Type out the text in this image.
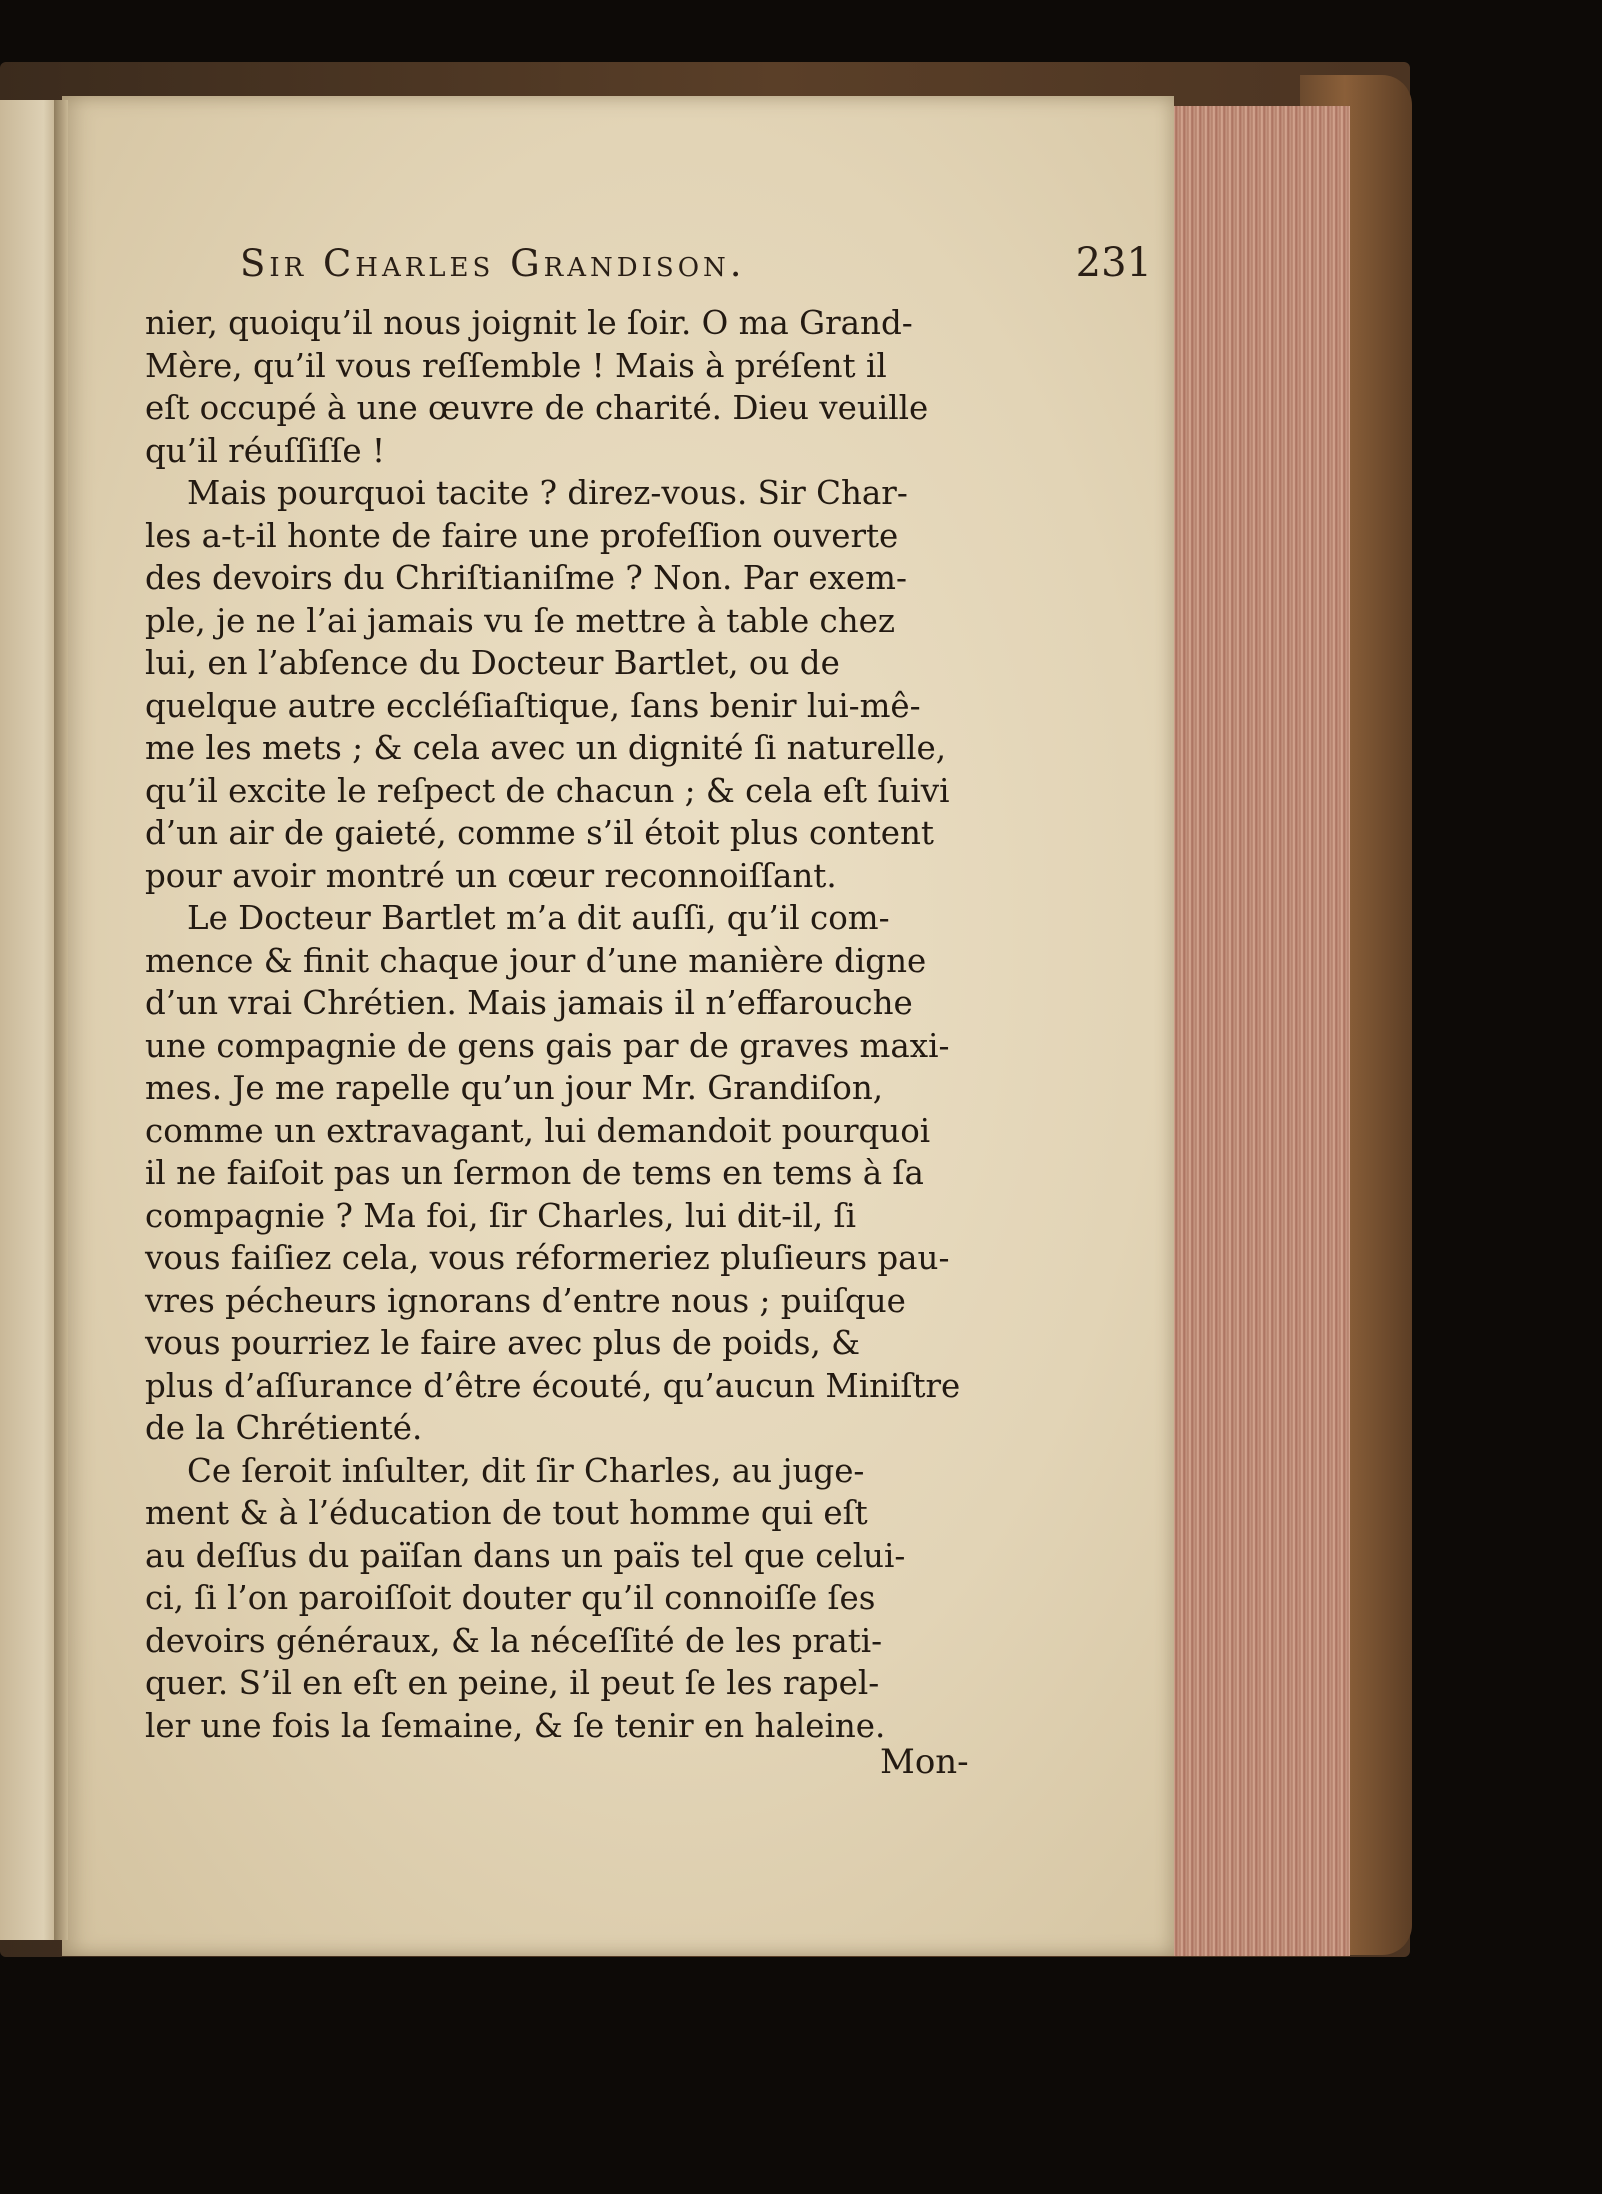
Sir Charles Grandison.	231
nier, quoiqu’il nous joignit le ſoir. O ma Grand-
Mère, qu’il vous reſſemble ! Mais à préſent il
eſt occupé à une œuvre de charité. Dieu veuille
qu’il réuſſiſſe !
Mais pourquoi tacite ? direz-vous. Sir Char-
les a-t-il honte de faire une profeſſion ouverte
des devoirs du Chriſtianiſme ? Non. Par exem-
ple, je ne l’ai jamais vu ſe mettre à table chez
lui, en l’abſence du Docteur Bartlet, ou de
quelque autre eccléſiaſtique, ſans benir lui-mê-
me les mets ; & cela avec un dignité ſi naturelle,
qu’il excite le reſpect de chacun ; & cela eſt ſuivi
d’un air de gaieté, comme s’il étoit plus content
pour avoir montré un cœur reconnoiſſant.
Le Docteur Bartlet m’a dit auſſi, qu’il com-
mence & finit chaque jour d’une manière digne
d’un vrai Chrétien. Mais jamais il n’effarouche
une compagnie de gens gais par de graves maxi-
mes. Je me rapelle qu’un jour Mr. Grandiſon,
comme un extravagant, lui demandoit pourquoi
il ne faiſoit pas un ſermon de tems en tems à ſa
compagnie ? Ma foi, ſir Charles, lui dit-il, ſi
vous faiſiez cela, vous réformeriez pluſieurs pau-
vres pécheurs ignorans d’entre nous ; puiſque
vous pourriez le faire avec plus de poids, &
plus d’aſſurance d’être écouté, qu’aucun Miniſtre
de la Chrétienté.
Ce ſeroit inſulter, dit ſir Charles, au juge-
ment & à l’éducation de tout homme qui eſt
au deſſus du païſan dans un païs tel que celui-
ci, ſi l’on paroiſſoit douter qu’il connoiſſe ſes
devoirs généraux, & la néceſſité de les prati-
quer. S’il en eſt en peine, il peut ſe les rapel-
ler une fois la ſemaine, & ſe tenir en haleine.
Mon-
